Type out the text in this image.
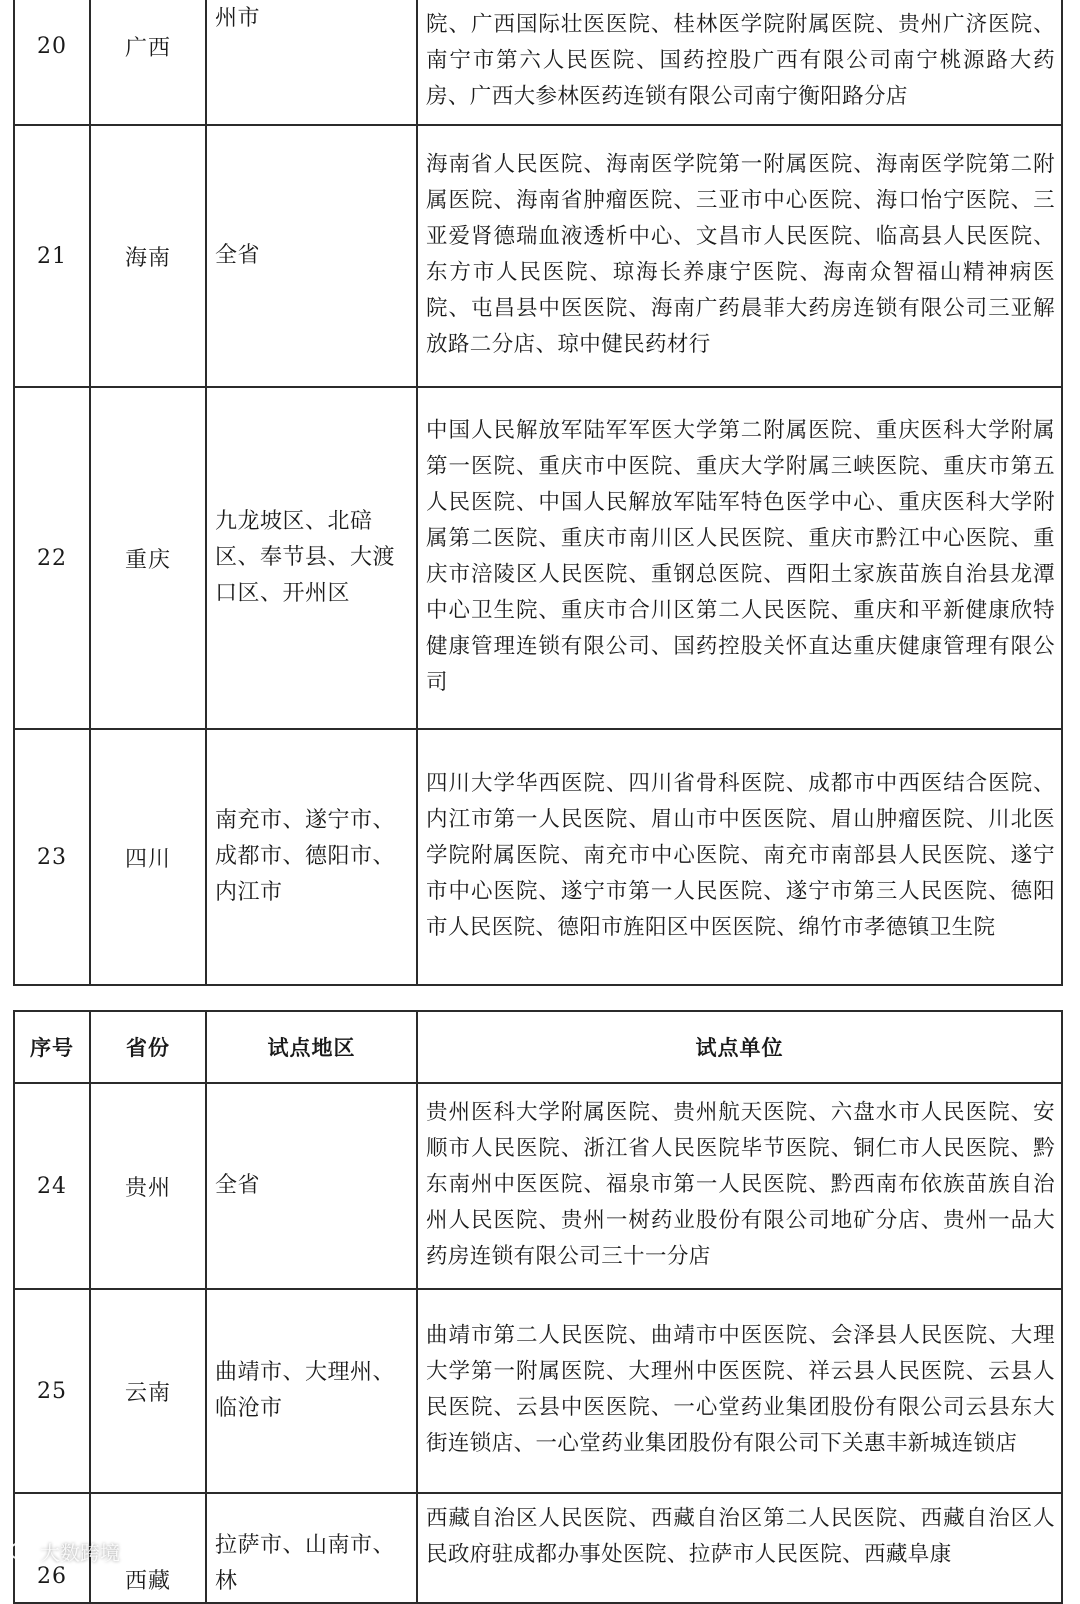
20	广西	州市	院、广西国际壮医医院、桂林医学院附属医院、贵州广济医院、南宁市第六人民医院、国药控股广西有限公司南宁桃源路大药房、广西大参林医药连锁有限公司南宁衡阳路分店
21	海南	全省	海南省人民医院、海南医学院第一附属医院、海南医学院第二附属医院、海南省肿瘤医院、三亚市中心医院、海口怡宁医院、三亚爱肾德瑞血液透析中心、文昌市人民医院、临高县人民医院、东方市人民医院、琼海长养康宁医院、海南众智福山精神病医院、屯昌县中医医院、海南广药晨菲大药房连锁有限公司三亚解放路二分店、琼中健民药材行
22	重庆	九龙坡区、北碚区、奉节县、大渡口区、开州区	中国人民解放军陆军军医大学第二附属医院、重庆医科大学附属第一医院、重庆市中医院、重庆大学附属三峡医院、重庆市第五人民医院、中国人民解放军陆军特色医学中心、重庆医科大学附属第二医院、重庆市南川区人民医院、重庆市黔江中心医院、重庆市涪陵区人民医院、重钢总医院、酉阳土家族苗族自治县龙潭中心卫生院、重庆市合川区第二人民医院、重庆和平新健康欣特健康管理连锁有限公司、国药控股关怀直达重庆健康管理有限公司
23	四川	南充市、遂宁市、成都市、德阳市、内江市	四川大学华西医院、四川省骨科医院、成都市中西医结合医院、内江市第一人民医院、眉山市中医医院、眉山肿瘤医院、川北医学院附属医院、南充市中心医院、南充市南部县人民医院、遂宁市中心医院、遂宁市第一人民医院、遂宁市第三人民医院、德阳市人民医院、德阳市旌阳区中医医院、绵竹市孝德镇卫生院
序号	省份	试点地区	试点单位
24	贵州	全省	贵州医科大学附属医院、贵州航天医院、六盘水市人民医院、安顺市人民医院、浙江省人民医院毕节医院、铜仁市人民医院、黔东南州中医医院、福泉市第一人民医院、黔西南布依族苗族自治州人民医院、贵州一树药业股份有限公司地矿分店、贵州一品大药房连锁有限公司三十一分店
25	云南	曲靖市、大理州、临沧市	曲靖市第二人民医院、曲靖市中医医院、会泽县人民医院、大理大学第一附属医院、大理州中医医院、祥云县人民医院、云县人民医院、云县中医医院、一心堂药业集团股份有限公司云县东大街连锁店、一心堂药业集团股份有限公司下关惠丰新城连锁店
26	西藏	拉萨市、山南市、林	西藏自治区人民医院、西藏自治区第二人民医院、西藏自治区人民政府驻成都办事处医院、拉萨市人民医院、西藏阜康
大数跨境
